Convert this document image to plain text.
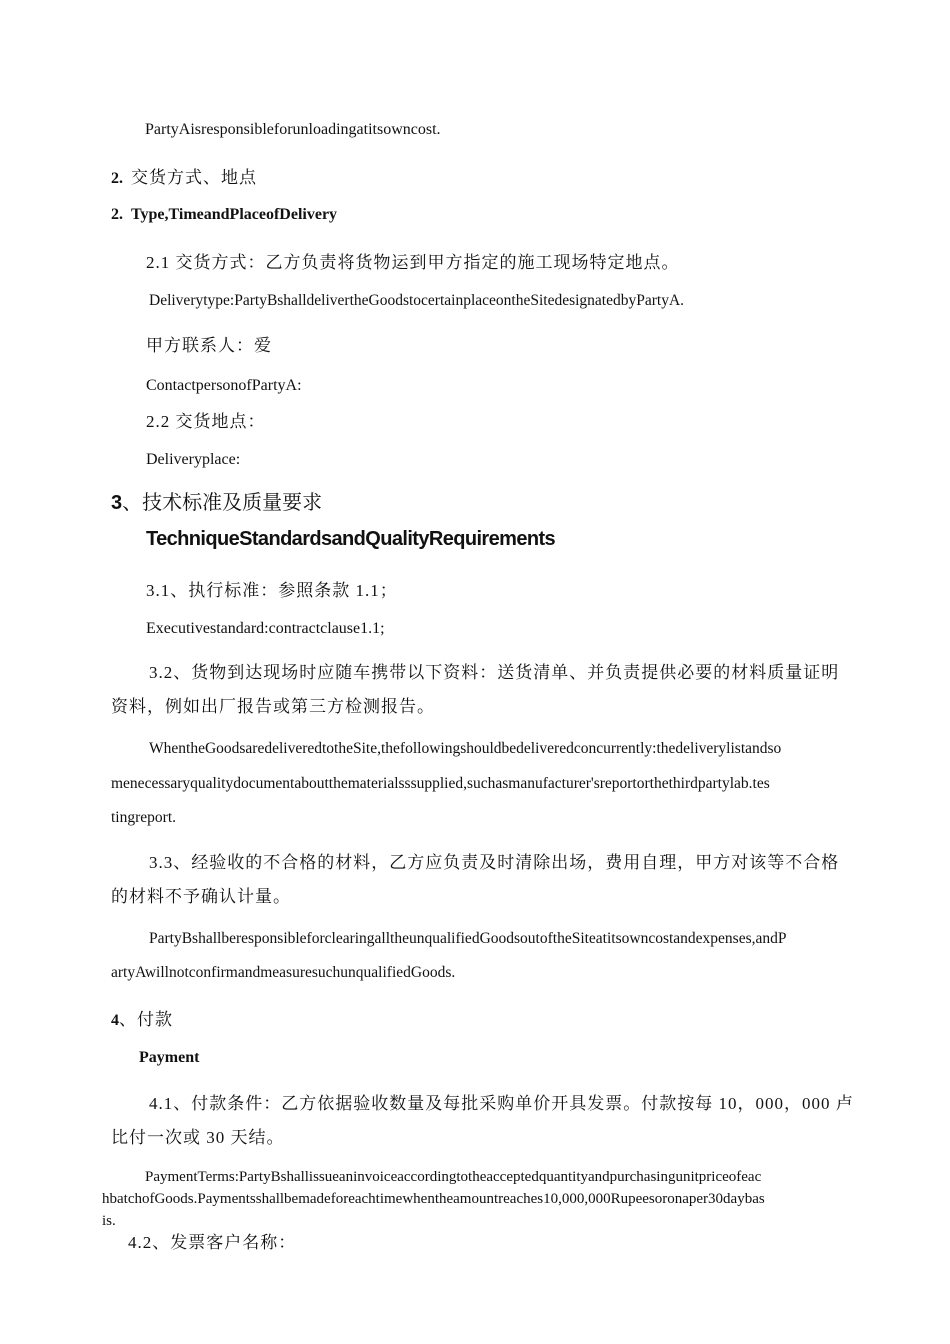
PartyAisresponsibleforunloadingatitsowncost.
2. 交货方式、地点
2. Type,TimeandPlaceofDelivery
2.1 交货方式：乙方负责将货物运到甲方指定的施工现场特定地点。
Deliverytype:PartyBshalldelivertheGoodstocertainplaceontheSitedesignatedbyPartyA.
甲方联系人：爱
ContactpersonofPartyA:
2.2 交货地点：
Deliveryplace:
3、技术标准及质量要求
TechniqueStandardsandQualityRequirements
3.1、执行标准：参照条款 1.1；
Executivestandard:contractclause1.1;
3.2、货物到达现场时应随车携带以下资料：送货清单、并负责提供必要的材料质量证明
资料，例如出厂报告或第三方检测报告。
WhentheGoodsaredeliveredtotheSite,thefollowingshouldbedeliveredconcurrently:thedeliverylistandso
menecessaryqualitydocumentaboutthematerialsssupplied,suchasmanufacturer'sreportorthethirdpartylab.tes
tingreport.
3.3、经验收的不合格的材料，乙方应负责及时清除出场，费用自理，甲方对该等不合格
的材料不予确认计量。
PartyBshallberesponsibleforclearingalltheunqualifiedGoodsoutoftheSiteatitsowncostandexpenses,andP
artyAwillnotconfirmandmeasuresuchunqualifiedGoods.
4、付款
Payment
4.1、付款条件：乙方依据验收数量及每批采购单价开具发票。付款按每 10，000，000 卢
比付一次或 30 天结。
PaymentTerms:PartyBshallissueaninvoiceaccordingtotheacceptedquantityandpurchasingunitpriceofeac
hbatchofGoods.Paymentsshallbemadeforeachtimewhentheamountreaches10,000,000Rupeesoronaper30daybas
is.
4.2、发票客户名称：
